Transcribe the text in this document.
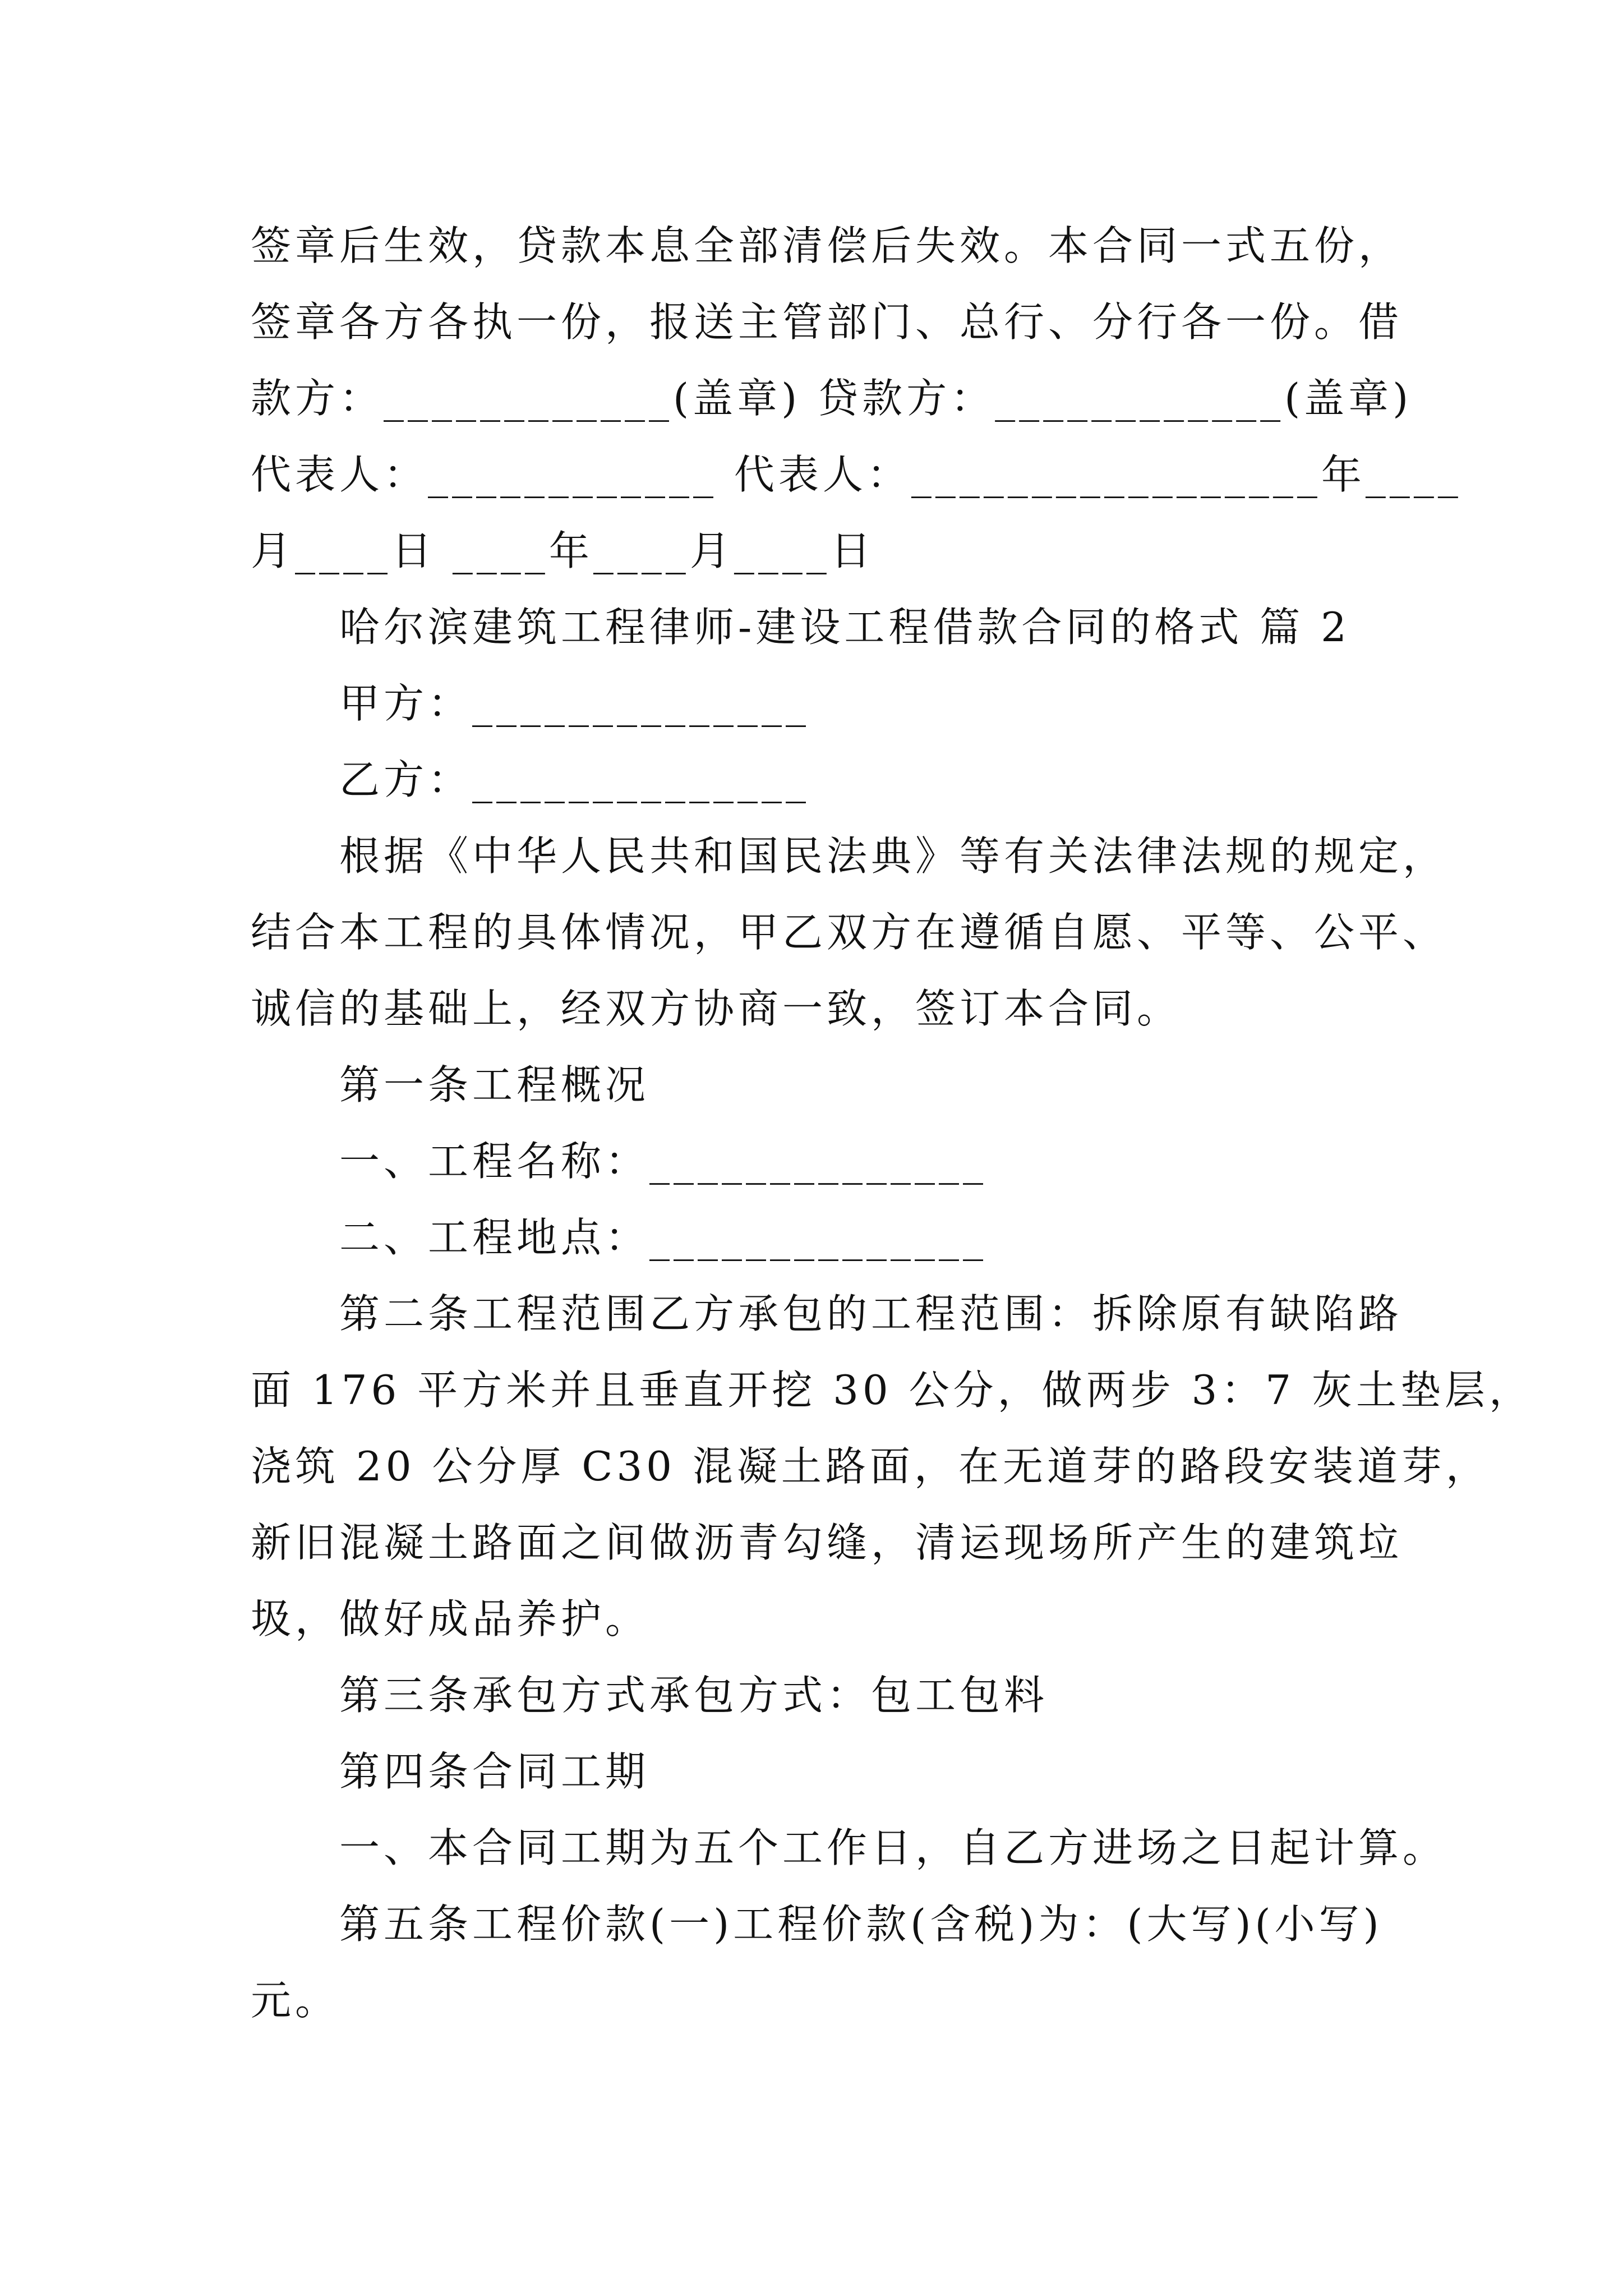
签章后生效，贷款本息全部清偿后失效。本合同一式五份，

签章各方各执一份，报送主管部门、总行、分行各一份。借

款方：____________(盖章) 贷款方：____________(盖章)

代表人：____________ 代表人：_________________年____

月____日 ____年____月____日

哈尔滨建筑工程律师-建设工程借款合同的格式 篇 2

甲方：______________

乙方：______________

根据《中华人民共和国民法典》等有关法律法规的规定，

结合本工程的具体情况，甲乙双方在遵循自愿、平等、公平、

诚信的基础上，经双方协商一致，签订本合同。

第一条工程概况

一、工程名称：______________

二、工程地点：______________

第二条工程范围乙方承包的工程范围：拆除原有缺陷路

面 176 平方米并且垂直开挖 30 公分，做两步 3：7 灰土垫层，

浇筑 20 公分厚 C30 混凝土路面，在无道芽的路段安装道芽，

新旧混凝土路面之间做沥青勾缝，清运现场所产生的建筑垃

圾，做好成品养护。

第三条承包方式承包方式：包工包料

第四条合同工期

一、本合同工期为五个工作日，自乙方进场之日起计算。

第五条工程价款(一)工程价款(含税)为：(大写)(小写)

元。
